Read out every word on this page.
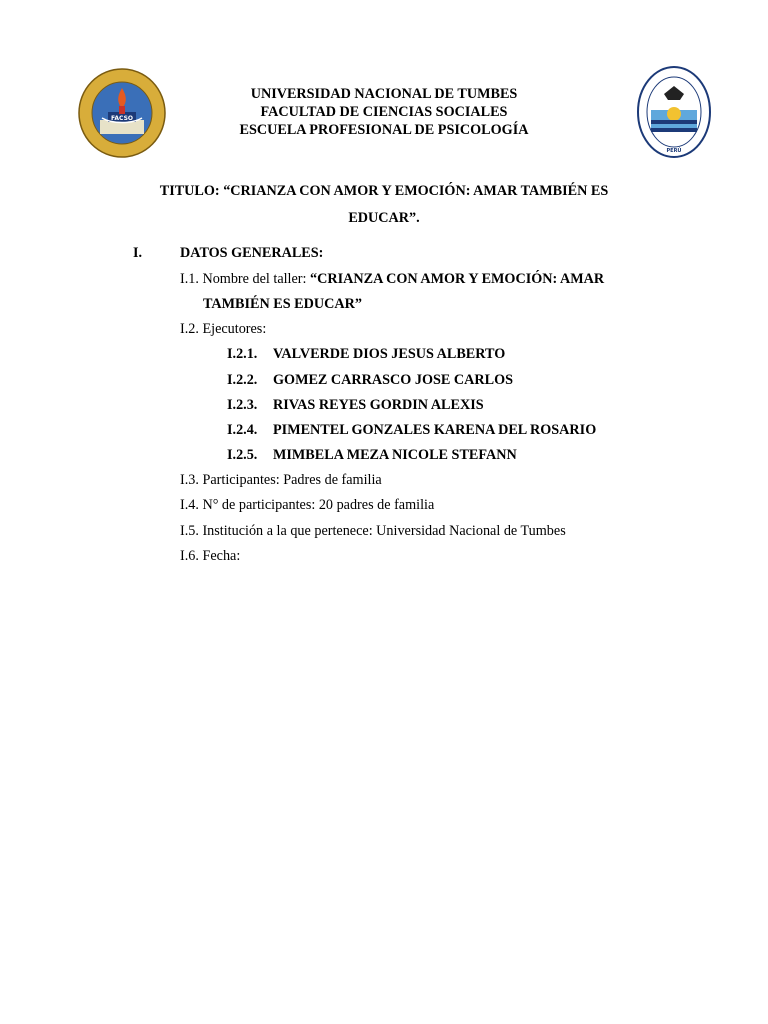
FACSO
PERÚ
UNIVERSIDAD NACIONAL DE TUMBES
FACULTAD DE CIENCIAS SOCIALES
ESCUELA PROFESIONAL DE PSICOLOGÍA
TITULO: “CRIANZA CON AMOR Y EMOCIÓN: AMAR TAMBIÉN ES EDUCAR”.
I.	DATOS GENERALES:
I.1. Nombre del taller: “CRIANZA CON AMOR Y EMOCIÓN: AMAR
TAMBIÉN ES EDUCAR”
I.2. Ejecutores:
I.2.1. VALVERDE DIOS JESUS ALBERTO
I.2.2. GOMEZ CARRASCO JOSE CARLOS
I.2.3. RIVAS REYES GORDIN ALEXIS
I.2.4. PIMENTEL GONZALES KARENA DEL ROSARIO
I.2.5. MIMBELA MEZA NICOLE STEFANN
I.3. Participantes: Padres de familia
I.4. N° de participantes: 20 padres de familia
I.5. Institución a la que pertenece: Universidad Nacional de Tumbes
I.6. Fecha:
